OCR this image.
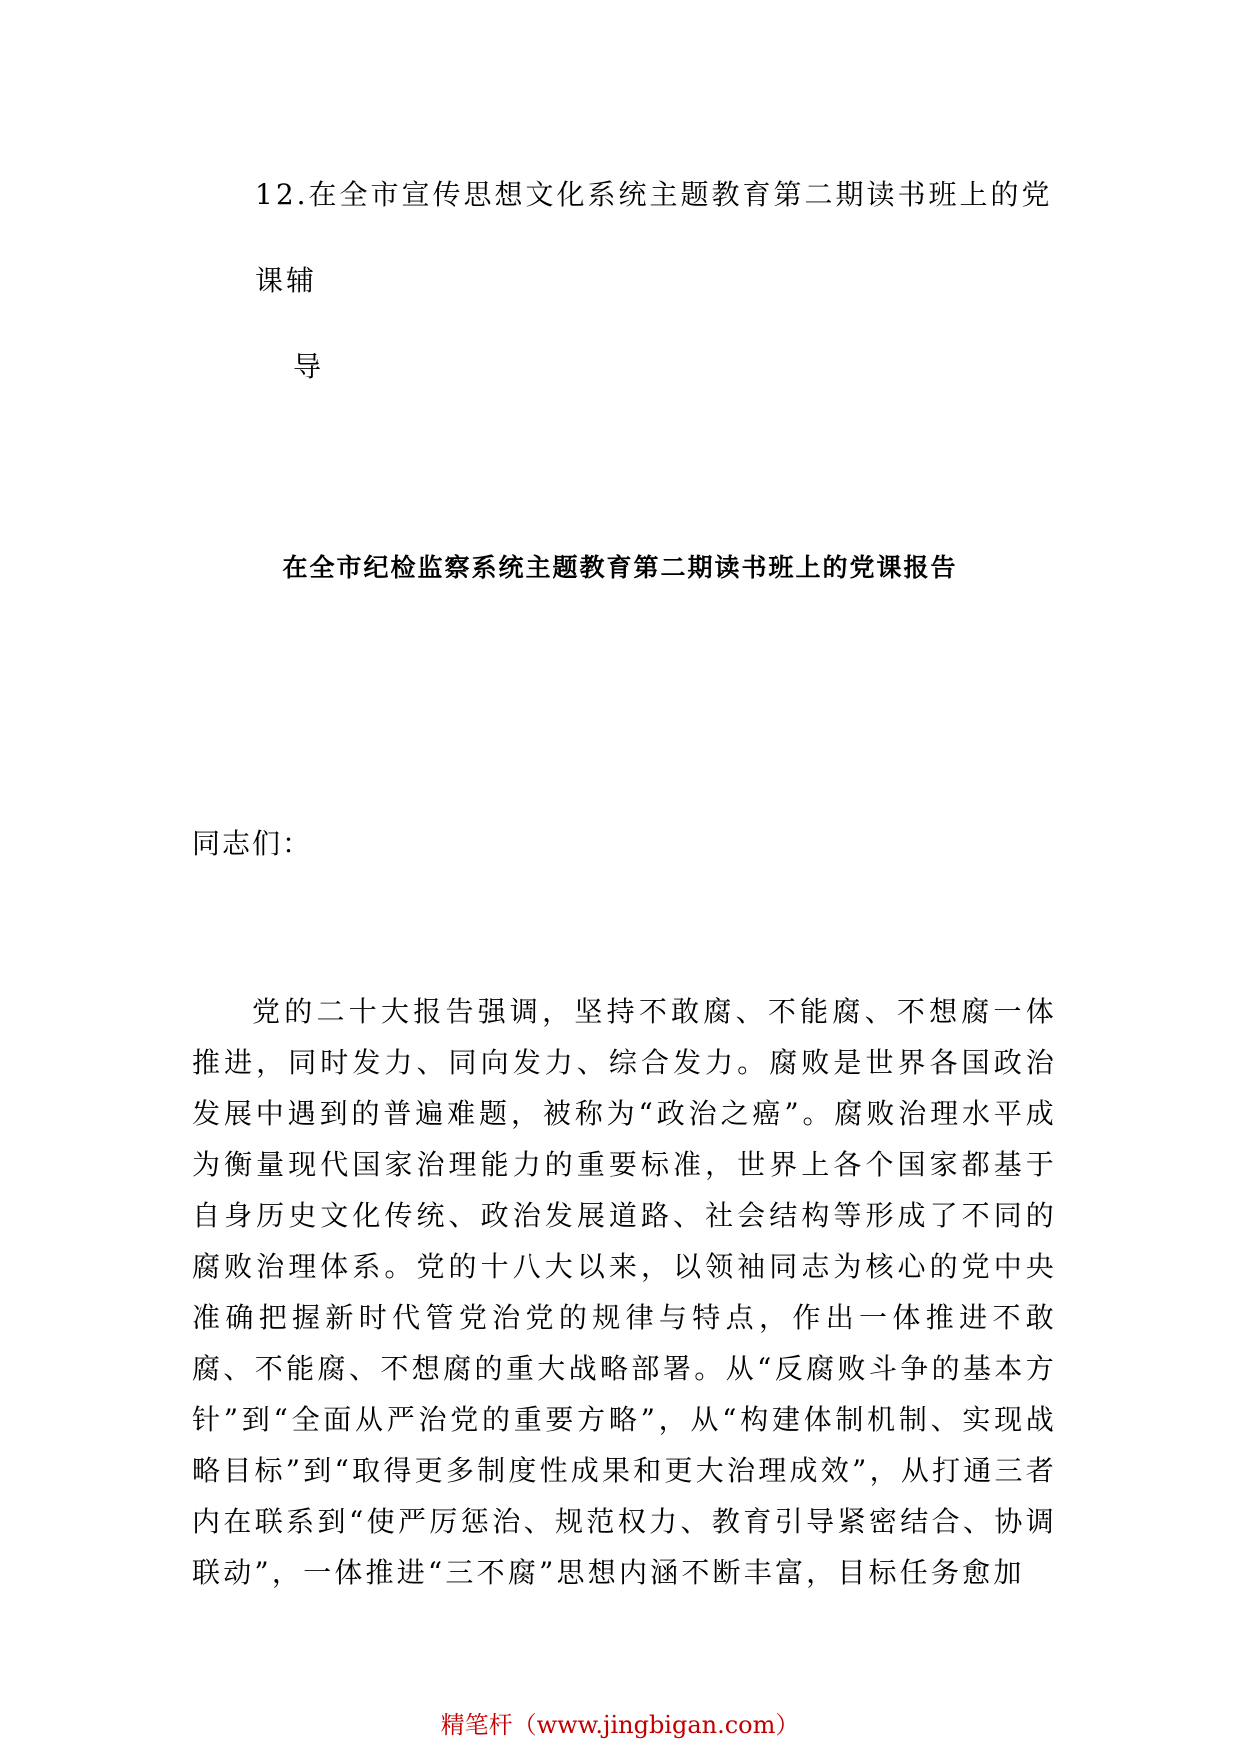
12.在全市宣传思想文化系统主题教育第二期读书班上的党课辅
导
在全市纪检监察系统主题教育第二期读书班上的党课报告

同志们：

党的二十大报告强调，坚持不敢腐、不能腐、不想腐一体推进，同时发力、同向发力、综合发力。腐败是世界各国政治发展中遇到的普遍难题，被称为“政治之癌”。腐败治理水平成为衡量现代国家治理能力的重要标准，世界上各个国家都基于自身历史文化传统、政治发展道路、社会结构等形成了不同的腐败治理体系。党的十八大以来，以领袖同志为核心的党中央准确把握新时代管党治党的规律与特点，作出一体推进不敢腐、不能腐、不想腐的重大战略部署。从“反腐败斗争的基本方针”到“全面从严治党的重要方略”，从“构建体制机制、实现战略目标”到“取得更多制度性成果和更大治理成效”，从打通三者内在联系到“使严厉惩治、规范权力、教育引导紧密结合、协调联动”，一体推进“三不腐”思想内涵不断丰富，目标任务愈加

精笔杆（www.jingbigan.com）
